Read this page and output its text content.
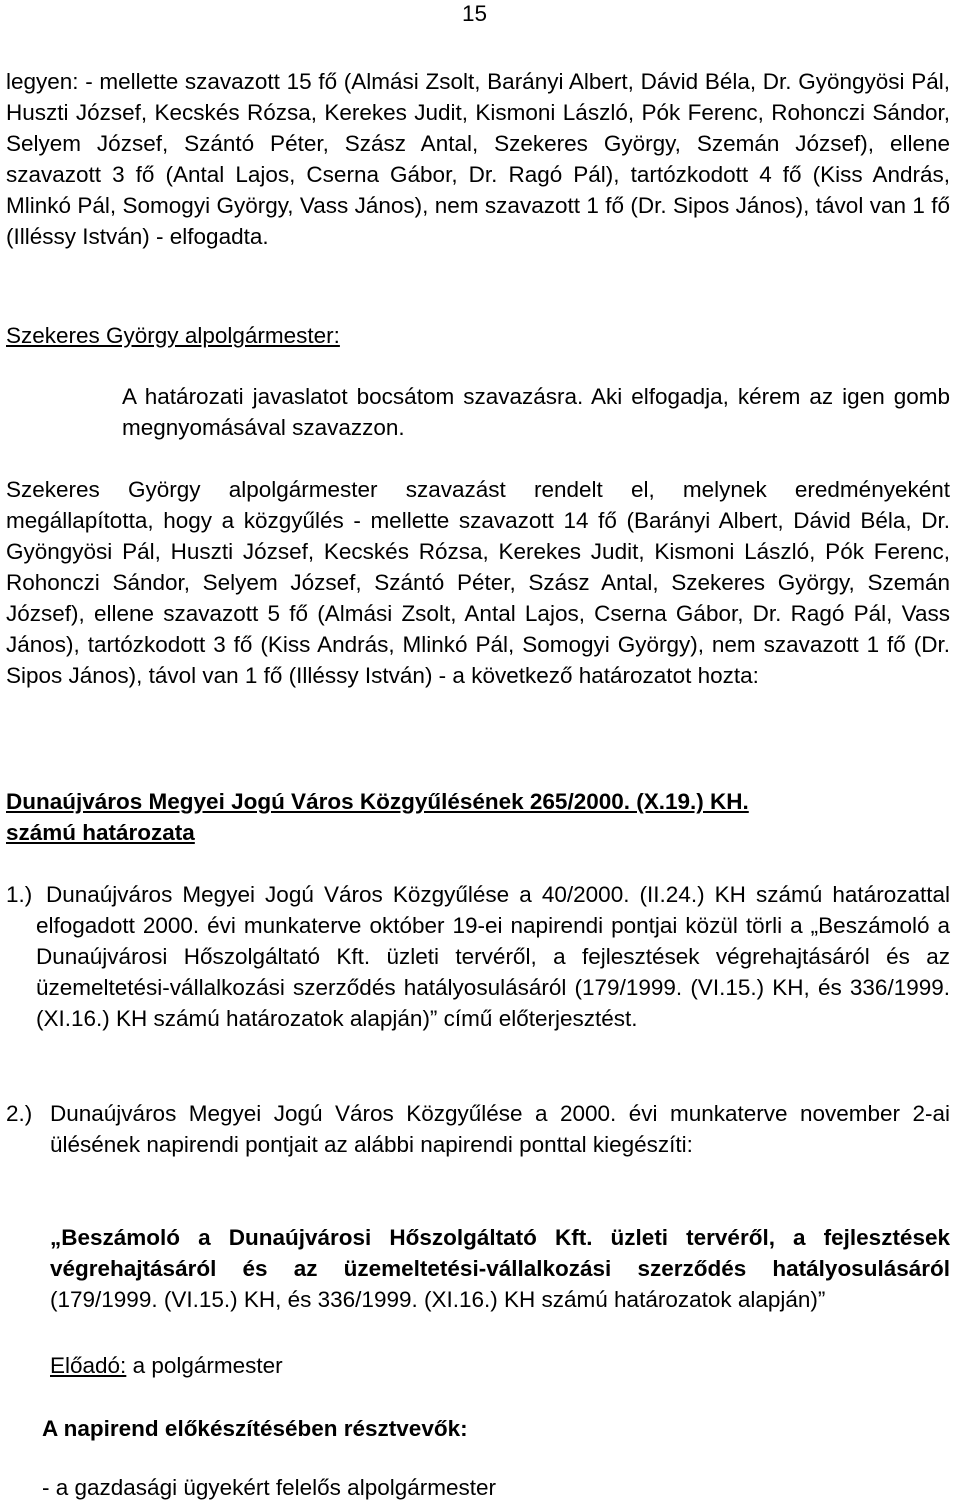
15

legyen: - mellette szavazott 15 fő (Almási Zsolt, Barányi Albert, Dávid Béla, Dr. Gyöngyösi Pál, Huszti József, Kecskés Rózsa, Kerekes Judit, Kismoni László, Pók Ferenc, Rohonczi Sándor, Selyem József, Szántó Péter, Szász Antal, Szekeres György, Szemán József), ellene szavazott 3 fő (Antal Lajos, Cserna Gábor, Dr. Ragó Pál), tartózkodott 4 fő (Kiss András, Mlinkó Pál, Somogyi György, Vass János), nem szavazott 1 fő (Dr. Sipos János), távol van 1 fő (Illéssy István) - elfogadta.

Szekeres György alpolgármester:
A határozati javaslatot bocsátom szavazásra. Aki elfogadja, kérem az igen gomb megnyomásával szavazzon.

Szekeres György alpolgármester szavazást rendelt el, melynek eredményeként megállapította, hogy a közgyűlés - mellette szavazott 14 fő (Barányi Albert, Dávid Béla, Dr. Gyöngyösi Pál, Huszti József, Kecskés Rózsa, Kerekes Judit, Kismoni László, Pók Ferenc, Rohonczi Sándor, Selyem József, Szántó Péter, Szász Antal, Szekeres György, Szemán József), ellene szavazott 5 fő (Almási Zsolt, Antal Lajos, Cserna Gábor, Dr. Ragó Pál, Vass János), tartózkodott 3 fő (Kiss András, Mlinkó Pál, Somogyi György), nem szavazott 1 fő (Dr. Sipos János), távol van 1 fő (Illéssy István) - a következő határozatot hozta:

Dunaújváros Megyei Jogú Város Közgyűlésének 265/2000. (X.19.) KH.
számú határozata
1.) Dunaújváros Megyei Jogú Város Közgyűlése a 40/2000. (II.24.) KH számú határozattal elfogadott 2000. évi munkaterve október 19-ei napirendi pontjai közül törli a „Beszámoló a Dunaújvárosi Hőszolgáltató Kft. üzleti tervéről, a fejlesztések végrehajtásáról és az üzemeltetési-vállalkozási szerződés hatályosulásáról (179/1999. (VI.15.) KH, és 336/1999. (XI.16.) KH számú határozatok alapján)” című előterjesztést.
2.) Dunaújváros Megyei Jogú Város Közgyűlése a 2000. évi munkaterve november 2-ai ülésének napirendi pontjait az alábbi napirendi ponttal kiegészíti:
„Beszámoló a Dunaújvárosi Hőszolgáltató Kft. üzleti tervéről, a fejlesztések végrehajtásáról és az üzemeltetési-vállalkozási szerződés hatályosulásáról (179/1999. (VI.15.) KH, és 336/1999. (XI.16.) KH számú határozatok alapján)”
Előadó: a polgármester
A napirend előkészítésében résztvevők:
- a gazdasági ügyekért felelős alpolgármester
